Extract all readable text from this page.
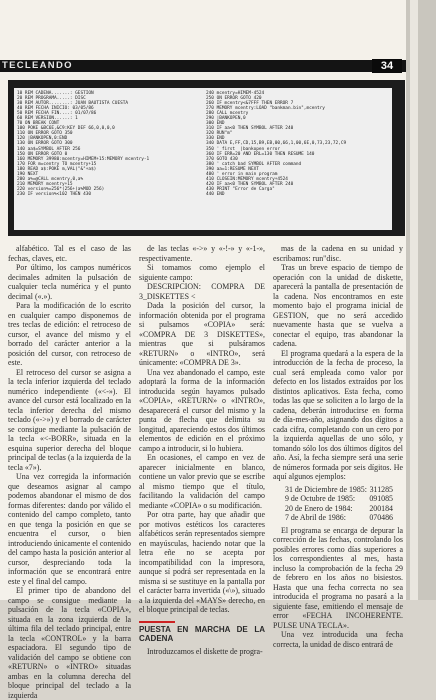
TECLEANDO	34
10 REM CADENA.......: GESTION
20 REM PROGRAMA.....: DISC
30 REM AUTOR........: JUAN BAUTISTA CUESTA
40 REM FECHA INICIO: 03/05/86
50 REM FECHA FIN....: 01/07/86
60 REM VERSION......: 1
70 ON BREAK CONT
100 POKE &BC6E,&C9:KEY DEF 66,0,0,0,0
110 ON ERROR GOTO 350
120 |BANKOPEN,0:END
130 ON ERROR GOTO 300
140 aa$=SYMBOL AFTER 256
150 ON ERROR GOTO 0
160 MEMORY 39980:mcentry=HIMEM+15:MEMORY mcentry-1
170 FOR m=centry TO mcentry+15
180 READ a$:POKE m,VAL("&"+a$)
190 NEXT
200 a%=@CALL mcentry,0,a%
210 MEMORY mcentry+15
220 version%=256*(256+(a%MOD 256)
230 IF version%<102 THEN 430
240 mcentry=HIMEM-4524
250 ON ERROR GOTO 420
260 IF mcentry<&7FFF THEN ERROR 7
270 MEMORY mcentry:LOAD "bankman.bin",mcentry
280 CALL mcentry
290 |BANKOPEN,0
300 END
310 IF aa<0 THEN SYMBOL AFTER 240
320 RUN"m"
330 END
340 DATA E,FF,CD,15,B9,EB,00,66,1,00,6E,0,73,23,72,C9
350 ' first  |bankopen error
360 IF ERR=20 AND ERL=130 THEN RESUME 140
370 GOTO 430
380 ' catch bad SYMBOL AFTER command
390 aa=1:RESUME NEXT
400 ' error in main program
410 CLOSEIN:MEMORY mcentry+4524
420 IF aa<0 THEN SYMBOL AFTER 240
430 PRINT "Error de Carga"
440 END

alfabético. Tal es el caso de las fechas, claves, etc.

Por último, los campos numéricos decimales admiten la pulsación de cualquier tecla numérica y el punto decimal («.»).

Para la modificación de lo escrito en cualquier campo disponemos de tres teclas de edición: el retroceso de cursor, el avance del mismo y el borrado del carácter anterior a la posición del cursor, con retroceso de este.

El retroceso del cursor se asigna a la tecla inferior izquierda del teclado numérico independiente («<-»). El avance del cursor está localizado en la tecla inferior derecha del mismo teclado («->») y el borrado de carácter se consigue mediante la pulsación de la tecla «<-BORR», situada en la esquina superior derecha del bloque principal de teclas (a la izquierda de la tecla «7»).

Una vez corregida la información que deseamos asignar al campo podemos abandonar el mismo de dos formas diferentes: dando por válido el contenido del campo completo, tanto en que tenga la posición en que se encuentra el cursor, o bien introduciendo únicamente el contenido del campo hasta la posición anterior al cursor, despreciando toda la información que se encontrará entre este y el final del campo.

El primer tipo de abandono del campo se consigue mediante la pulsación de la tecla «COPIA», situada en la zona izquierda de la última fila del teclado principal, entre la tecla «CONTROL» y la barra espaciadora. El segundo tipo de validación del campo se obtiene con «RETURN» o «INTRO» situadas ambas en la columna derecha del bloque principal del teclado a la izquierda

de las teclas «->» y «-!-» y «-1-», respectivamente.

Si tomamos como ejemplo el siguiente campo:

DESCRIPCION: COMPRA DE 3_DISKETTES <

Dada la posición del cursor, la información obtenida por el programa si pulsamos «COPIA» será: «COMPRA DE 3 DISKETTES», mientras que si pulsáramos «RETURN» o «INTRO», será únicamente: «COMPRA DE 3».

Una vez abandonado el campo, este adoptará la forma de la información introducida según hayamos pulsado «COPIA», «RETURN» o «INTRO», desaparecerá el cursor del mismo y la punta de flecha que delimita su longitud, apareciendo estos dos últimos elementos de edición en el próximo campo a introducir, si lo hubiera.

En ocasiones, el campo en vez de aparecer inicialmente en blanco, contiene un valor previo que se escribe al mismo tiempo que el título, facilitando la validación del campo mediante «COPIA» o su modificación.

Por otra parte, hay que añadir que por motivos estéticos los caracteres alfabéticos serán representados siempre en mayúsculas, haciendo notar que la letra eñe no se acepta por incompatibilidad con la impresora, aunque sí podrá ser representada en la misma si se sustituye en la pantalla por el carácter barra invertida («\»), situado a la izquierda del «MAYS» derecho, en el bloque principal de teclas.

PUESTA EN MARCHA DE LA CADENA

Introduzcamos el diskette de progra-

mas de la cadena en su unidad y escribamos: run"disc.

Tras un breve espacio de tiempo de operación con la unidad de diskette, aparecerá la pantalla de presentación de la cadena. Nos encontramos en este momento bajo el programa inicial de GESTION, que no será accedido nuevamente hasta que se vuelva a conectar el equipo, tras abandonar la cadena.

El programa quedará a la espera de la introducción de la fecha de proceso, la cual será empleada como valor por defecto en los listados extraídos por los distintos aplicativos. Esta fecha, como todas las que se soliciten a lo largo de la cadena, deberán introducirse en forma de día-mes-año, asignando dos dígitos a cada cifra, completando con un cero por la izquierda aquellas de uno sólo, y tomando sólo los dos últimos dígitos del año. Así, la fecha siempre será una serie de números formada por seis dígitos. He aquí algunos ejemplos:

31 de Diciembre de 1985: 311285
9 de Octubre de 1985: 091085
20 de Enero de 1984: 200184
7 de Abril de 1986:	070486

El programa se encarga de depurar la corrección de las fechas, controlando los posibles errores como días superiores a los correspondientes al mes, hasta incluso la comprobación de la fecha 29 de febrero en los años no bisiestos. Hasta que una fecha correcta no sea introducida el programa no pasará a la siguiente fase, emitiendo el mensaje de error «FECHA INCOHERENTE. PULSE UNA TECLA».

Una vez introducida una fecha correcta, la unidad de disco entrará de
